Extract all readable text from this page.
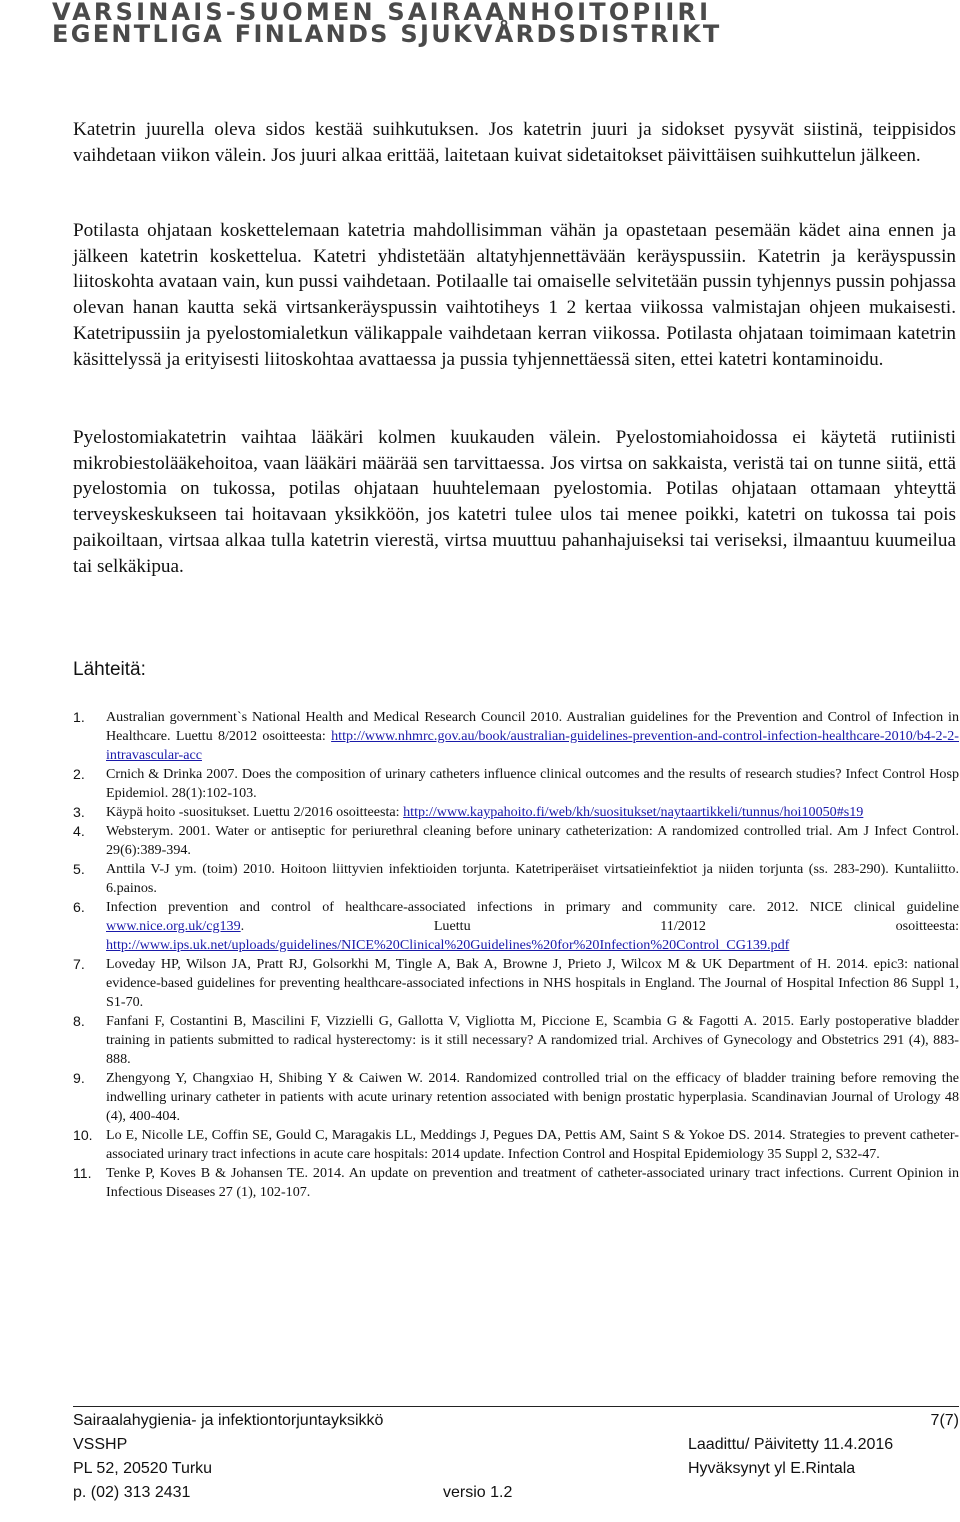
VARSINAIS-SUOMEN SAIRAANHOITOPIIRI
EGENTLIGA FINLANDS SJUKVÅRDSDISTRIKT

Katetrin juurella oleva sidos kestää suihkutuksen. Jos katetrin juuri ja sidokset pysyvät siistinä, teippisidos vaihdetaan viikon välein. Jos juuri alkaa erittää, laitetaan kuivat sidetaitokset päivittäisen suihkuttelun jälkeen.

Potilasta ohjataan koskettelemaan katetria mahdollisimman vähän ja opastetaan pesemään kädet aina ennen ja jälkeen katetrin koskettelua. Katetri yhdistetään altatyhjennettävään keräyspussiin. Katetrin ja keräyspussin liitoskohta avataan vain, kun pussi vaihdetaan. Potilaalle tai omaiselle selvitetään pussin tyhjennys pussin pohjassa olevan hanan kautta sekä virtsankeräyspussin vaihtotiheys 1 2 kertaa viikossa valmistajan ohjeen mukaisesti. Katetripussiin ja pyelostomialetkun välikappale vaihdetaan kerran viikossa. Potilasta ohjataan toimimaan katetrin käsittelyssä ja erityisesti liitoskohtaa avattaessa ja pussia tyhjennettäessä siten, ettei katetri kontaminoidu.

Pyelostomiakatetrin vaihtaa lääkäri kolmen kuukauden välein. Pyelostomiahoidossa ei käytetä rutiinisti mikrobiestolääkehoitoa, vaan lääkäri määrää sen tarvittaessa. Jos virtsa on sakkaista, veristä tai on tunne siitä, että pyelostomia on tukossa, potilas ohjataan huuhtelemaan pyelostomia. Potilas ohjataan ottamaan yhteyttä terveyskeskukseen tai hoitavaan yksikköön, jos katetri tulee ulos tai menee poikki, katetri on tukossa tai pois paikoiltaan, virtsaa alkaa tulla katetrin vierestä, virtsa muuttuu pahanhajuiseksi tai veriseksi, ilmaantuu kuumeilua tai selkäkipua.

Lähteitä:
1. Australian government`s National Health and Medical Research Council 2010. Australian guidelines for the Prevention and Control of Infection in Healthcare. Luettu 8/2012 osoitteesta: http://www.nhmrc.gov.au/book/australian-guidelines-prevention-and-control-infection-healthcare-2010/b4-2-2-intravascular-acc
2. Crnich & Drinka 2007. Does the composition of urinary catheters influence clinical outcomes and the results of research studies? Infect Control Hosp Epidemiol. 28(1):102-103.
3. Käypä hoito -suositukset. Luettu 2/2016 osoitteesta: http://www.kaypahoito.fi/web/kh/suositukset/naytaartikkeli/tunnus/hoi10050#s19
4. Websterym. 2001. Water or antiseptic for periurethral cleaning before uninary catheterization: A randomized controlled trial. Am J Infect Control. 29(6):389-394.
5. Anttila V-J ym. (toim) 2010. Hoitoon liittyvien infektioiden torjunta. Katetriperäiset virtsatieinfektiot ja niiden torjunta (ss. 283-290). Kuntaliitto. 6.painos.
6. Infection prevention and control of healthcare-associated infections in primary and community care. 2012. NICE clinical guideline www.nice.org.uk/cg139. Luettu 11/2012 osoitteesta: http://www.ips.uk.net/uploads/guidelines/NICE%20Clinical%20Guidelines%20for%20Infection%20Control_CG139.pdf
7. Loveday HP, Wilson JA, Pratt RJ, Golsorkhi M, Tingle A, Bak A, Browne J, Prieto J, Wilcox M & UK Department of H. 2014. epic3: national evidence-based guidelines for preventing healthcare-associated infections in NHS hospitals in England. The Journal of Hospital Infection 86 Suppl 1, S1-70.
8. Fanfani F, Costantini B, Mascilini F, Vizzielli G, Gallotta V, Vigliotta M, Piccione E, Scambia G & Fagotti A. 2015. Early postoperative bladder training in patients submitted to radical hysterectomy: is it still necessary? A randomized trial. Archives of Gynecology and Obstetrics 291 (4), 883-888.
9. Zhengyong Y, Changxiao H, Shibing Y & Caiwen W. 2014. Randomized controlled trial on the efficacy of bladder training before removing the indwelling urinary catheter in patients with acute urinary retention associated with benign prostatic hyperplasia. Scandinavian Journal of Urology 48 (4), 400-404.
10. Lo E, Nicolle LE, Coffin SE, Gould C, Maragakis LL, Meddings J, Pegues DA, Pettis AM, Saint S & Yokoe DS. 2014. Strategies to prevent catheter-associated urinary tract infections in acute care hospitals: 2014 update. Infection Control and Hospital Epidemiology 35 Suppl 2, S32-47.
11. Tenke P, Koves B & Johansen TE. 2014. An update on prevention and treatment of catheter-associated urinary tract infections. Current Opinion in Infectious Diseases 27 (1), 102-107.
Sairaalahygienia- ja infektiontorjuntayksikkö	7(7)
VSSHP	Laadittu/ Päivitetty 11.4.2016
PL 52, 20520 Turku	Hyväksynyt yl E.Rintala
p. (02) 313 2431	versio 1.2
